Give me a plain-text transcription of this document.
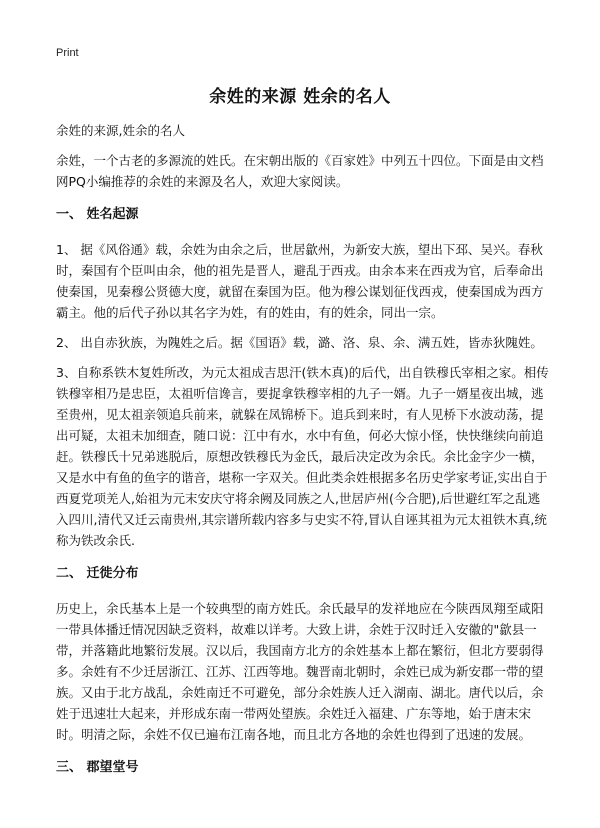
Print
余姓的来源 姓余的名人

余姓的来源,姓余的名人

余姓，一个古老的多源流的姓氏。在宋朝出版的《百家姓》中列五十四位。下面是由文档网PQ小编推荐的余姓的来源及名人，欢迎大家阅读。

一、 姓名起源

1、 据《风俗通》载，余姓为由余之后，世居歙州，为新安大族，望出下邳、吴兴。春秋时，秦国有个臣叫由余，他的祖先是晋人，避乱于西戎。由余本来在西戎为官，后奉命出使秦国，见秦穆公贤德大度，就留在秦国为臣。他为穆公谋划征伐西戎，使秦国成为西方霸主。他的后代子孙以其名字为姓，有的姓由，有的姓余，同出一宗。

2、 出自赤狄族，为隗姓之后。据《国语》载，潞、洛、泉、余、满五姓，皆赤狄隗姓。

3、自称系铁木复姓所改，为元太祖成吉思汗(铁木真)的后代，出自铁穆氏宰相之家。相传铁穆宰相乃是忠臣，太祖听信谗言，要捉拿铁穆宰相的九子一婿。九子一婿星夜出城，逃至贵州，见太祖亲领追兵前来，就躲在凤锦桥下。追兵到来时，有人见桥下水波动荡，提出可疑，太祖未加细查，随口说：江中有水，水中有鱼，何必大惊小怪，快快继续向前追赶。铁穆氏十兄弟逃脱后，原想改铁穆氏为金氏，最后决定改为余氏。余比金字少一横，又是水中有鱼的鱼字的谐音，堪称一字双关。但此类余姓根据多名历史学家考证,实出自于西夏党项羌人,始祖为元末安庆守将余阙及同族之人,世居庐州(今合肥),后世避红军之乱逃入四川,清代又迁云南贵州,其宗谱所载内容多与史实不符,冒认自诬其祖为元太祖铁木真,统称为铁改余氏.

二、 迁徙分布

历史上，余氏基本上是一个较典型的南方姓氏。余氏最早的发祥地应在今陕西凤翔至咸阳一带具体播迁情况因缺乏资料，故难以详考。大致上讲，余姓于汉时迁入安徽的"歙县一带，并落籍此地繁衍发展。汉以后，我国南方北方的余姓基本上都在繁衍，但北方要弱得多。余姓有不少迁居浙江、江苏、江西等地。魏晋南北朝时，余姓已成为新安郡一带的望族。又由于北方战乱，余姓南迁不可避免，部分余姓族人迁入湖南、湖北。唐代以后，余姓于迅速壮大起来，并形成东南一带两处望族。余姓迁入福建、广东等地，始于唐末宋时。明清之际，余姓不仅已遍布江南各地，而且北方各地的余姓也得到了迅速的发展。

三、 郡望堂号
